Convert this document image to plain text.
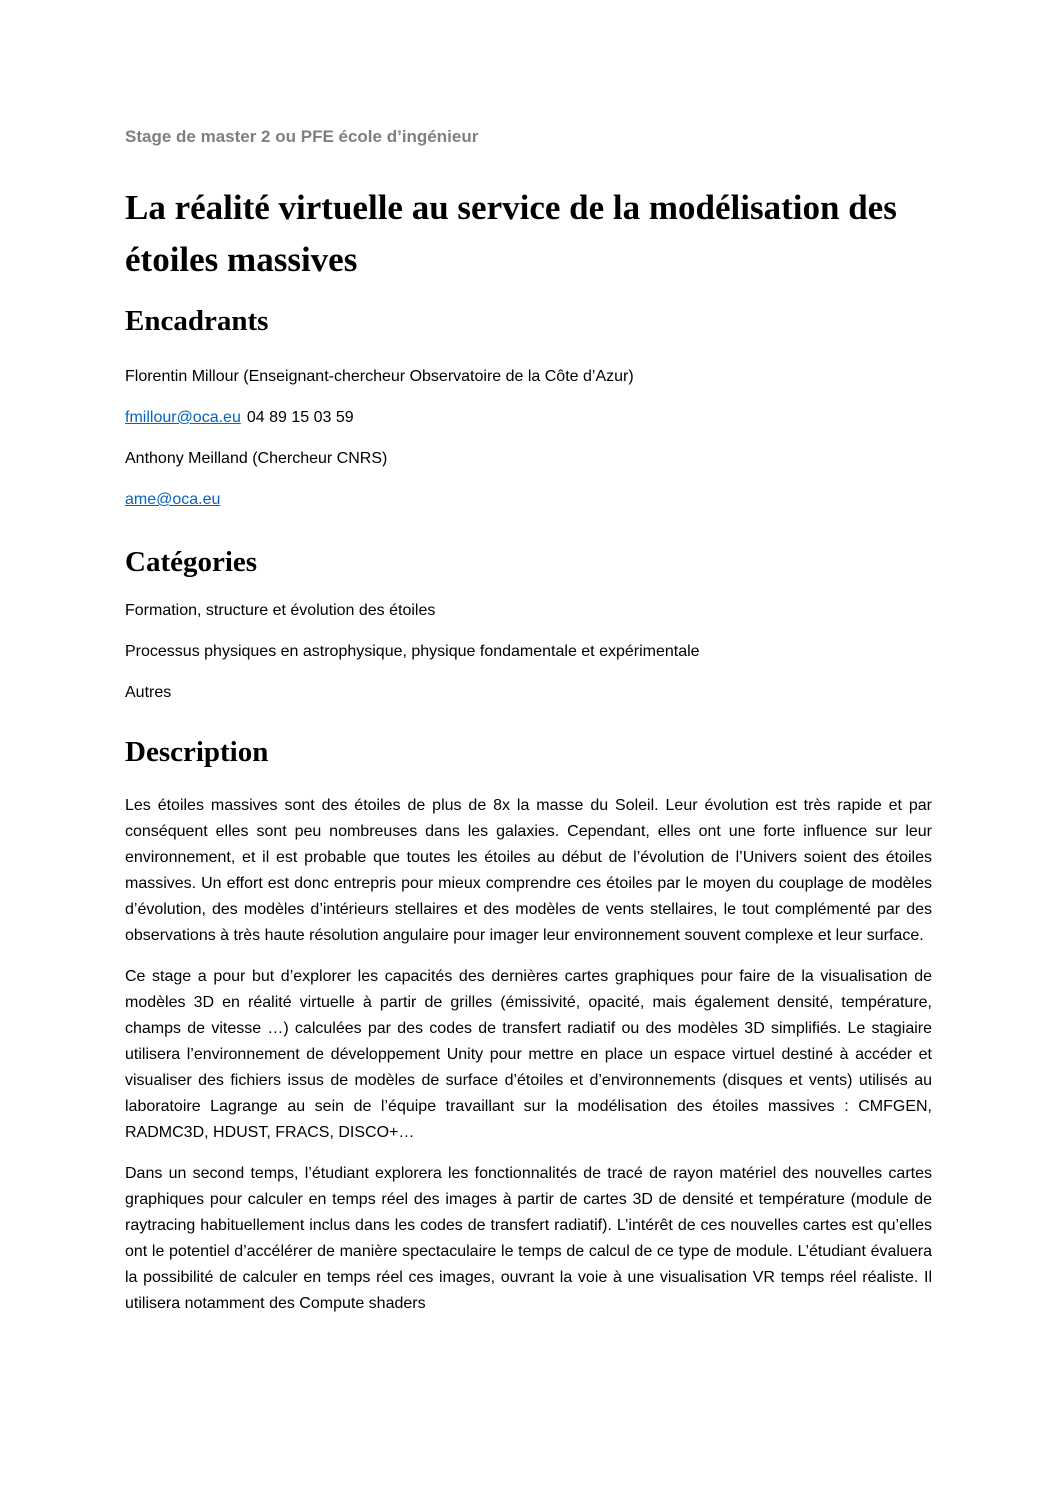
Stage de master 2 ou PFE école d’ingénieur

La réalité virtuelle au service de la modélisation des étoiles massives
Encadrants

Florentin Millour (Enseignant-chercheur Observatoire de la Côte d’Azur)

fmillour@oca.eu 04 89 15 03 59

Anthony Meilland (Chercheur CNRS)

ame@oca.eu

Catégories

Formation, structure et évolution des étoiles

Processus physiques en astrophysique, physique fondamentale et expérimentale

Autres

Description

Les étoiles massives sont des étoiles de plus de 8x la masse du Soleil. Leur évolution est très rapide et par conséquent elles sont peu nombreuses dans les galaxies. Cependant, elles ont une forte influence sur leur environnement, et il est probable que toutes les étoiles au début de l’évolution de l’Univers soient des étoiles massives. Un effort est donc entrepris pour mieux comprendre ces étoiles par le moyen du couplage de modèles d’évolution, des modèles d’intérieurs stellaires et des modèles de vents stellaires, le tout complémenté par des observations à très haute résolution angulaire pour imager leur environnement souvent complexe et leur surface.

Ce stage a pour but d’explorer les capacités des dernières cartes graphiques pour faire de la visualisation de modèles 3D en réalité virtuelle à partir de grilles (émissivité, opacité, mais également densité, température, champs de vitesse …) calculées par des codes de transfert radiatif ou des modèles 3D simplifiés. Le stagiaire utilisera l’environnement de développement Unity pour mettre en place un espace virtuel destiné à accéder et visualiser des fichiers issus de modèles de surface d’étoiles et d’environnements (disques et vents) utilisés au laboratoire Lagrange au sein de l’équipe travaillant sur la modélisation des étoiles massives : CMFGEN, RADMC3D, HDUST, FRACS, DISCO+…

Dans un second temps, l’étudiant explorera les fonctionnalités de tracé de rayon matériel des nouvelles cartes graphiques pour calculer en temps réel des images à partir de cartes 3D de densité et température (module de raytracing habituellement inclus dans les codes de transfert radiatif). L’intérêt de ces nouvelles cartes est qu’elles ont le potentiel d’accélérer de manière spectaculaire le temps de calcul de ce type de module. L’étudiant évaluera la possibilité de calculer en temps réel ces images, ouvrant la voie à une visualisation VR temps réel réaliste. Il utilisera notamment des Compute shaders
